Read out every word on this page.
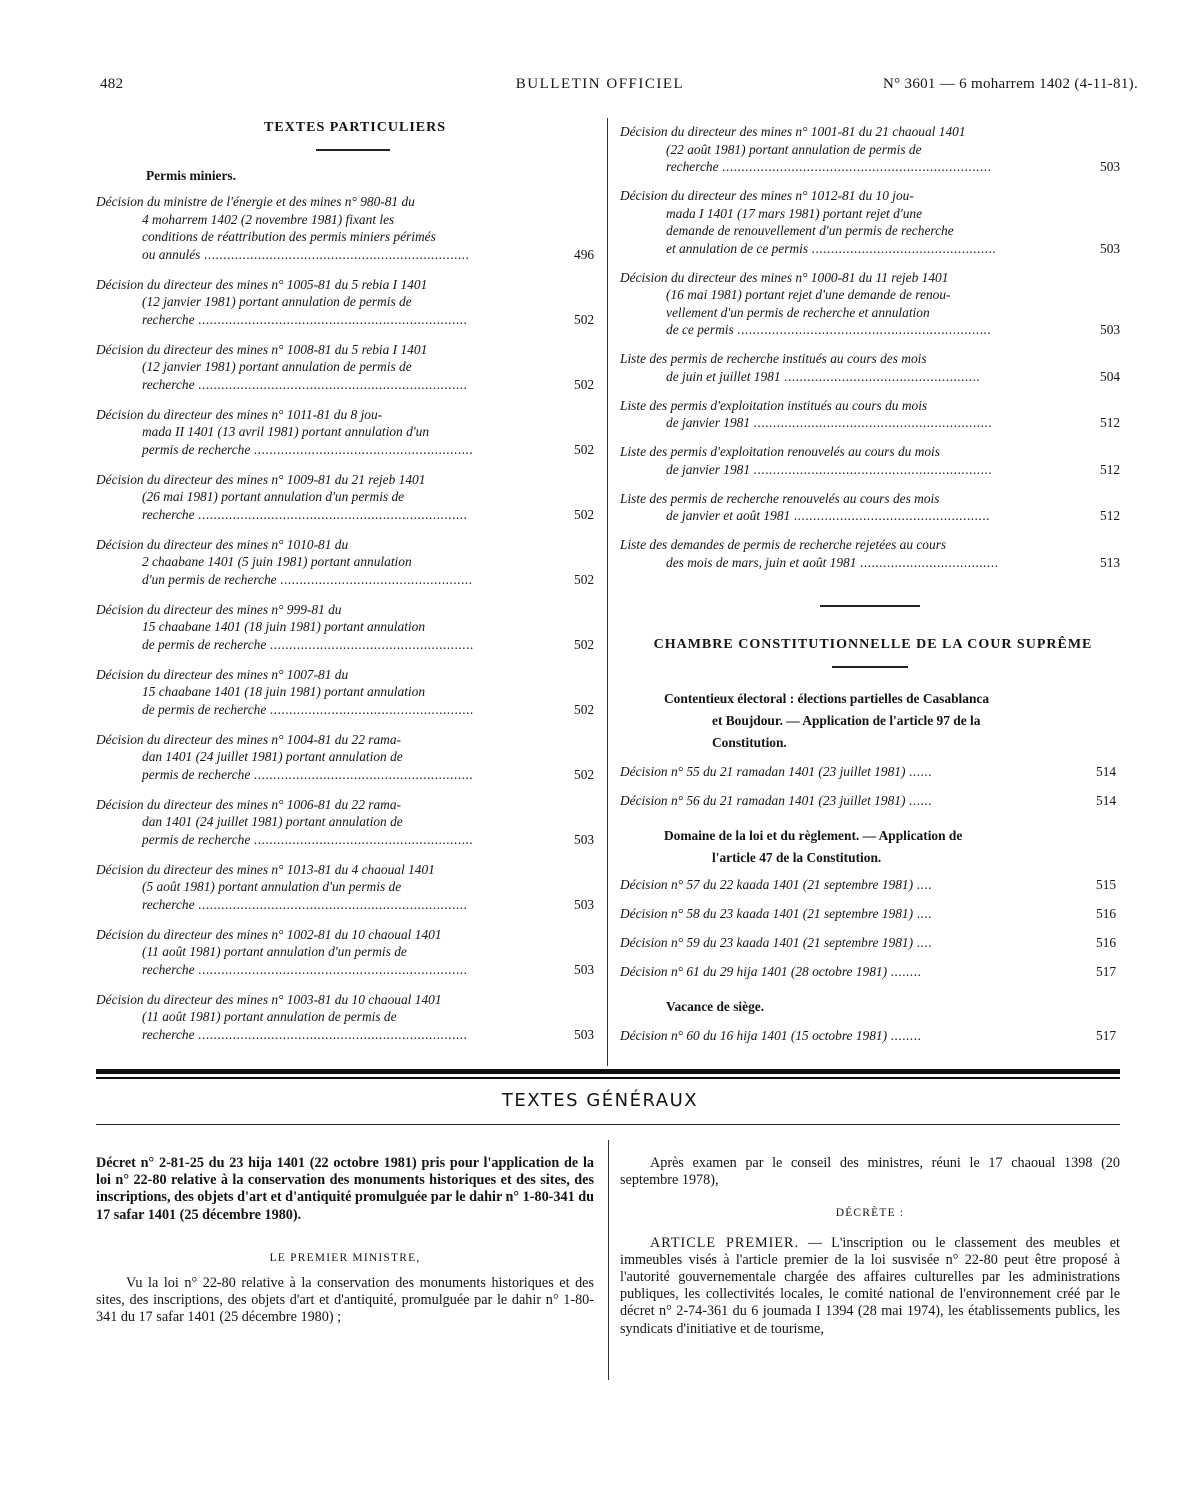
482	BULLETIN OFFICIEL	N° 3601 — 6 moharrem 1402 (4-11-81).
TEXTES PARTICULIERS
Permis miniers.
Décision du ministre de l'énergie et des mines n° 980-81 du
4 moharrem 1402 (2 novembre 1981) fixant les
conditions de réattribution des permis miniers périmés
ou annulés .....................................................................	496
Décision du directeur des mines n° 1005-81 du 5 rebia I 1401
(12 janvier 1981) portant annulation de permis de
recherche ......................................................................	502
Décision du directeur des mines n° 1008-81 du 5 rebia I 1401
(12 janvier 1981) portant annulation de permis de
recherche ......................................................................	502
Décision du directeur des mines n° 1011-81 du 8 jou-
mada II 1401 (13 avril 1981) portant annulation d'un
permis de recherche .........................................................	502
Décision du directeur des mines n° 1009-81 du 21 rejeb 1401
(26 mai 1981) portant annulation d'un permis de
recherche ......................................................................	502
Décision du directeur des mines n° 1010-81 du
2 chaabane 1401 (5 juin 1981) portant annulation
d'un permis de recherche ..................................................	502
Décision du directeur des mines n° 999-81 du
15 chaabane 1401 (18 juin 1981) portant annulation
de permis de recherche .....................................................	502
Décision du directeur des mines n° 1007-81 du
15 chaabane 1401 (18 juin 1981) portant annulation
de permis de recherche .....................................................	502
Décision du directeur des mines n° 1004-81 du 22 rama-
dan 1401 (24 juillet 1981) portant annulation de
permis de recherche .........................................................	502
Décision du directeur des mines n° 1006-81 du 22 rama-
dan 1401 (24 juillet 1981) portant annulation de
permis de recherche .........................................................	503
Décision du directeur des mines n° 1013-81 du 4 chaoual 1401
(5 août 1981) portant annulation d'un permis de
recherche ......................................................................	503
Décision du directeur des mines n° 1002-81 du 10 chaoual 1401
(11 août 1981) portant annulation d'un permis de
recherche ......................................................................	503
Décision du directeur des mines n° 1003-81 du 10 chaoual 1401
(11 août 1981) portant annulation de permis de
recherche ......................................................................	503
Décision du directeur des mines n° 1001-81 du 21 chaoual 1401
(22 août 1981) portant annulation de permis de
recherche ......................................................................	503
Décision du directeur des mines n° 1012-81 du 10 jou-
mada I 1401 (17 mars 1981) portant rejet d'une
demande de renouvellement d'un permis de recherche
et annulation de ce permis ................................................	503
Décision du directeur des mines n° 1000-81 du 11 rejeb 1401
(16 mai 1981) portant rejet d'une demande de renou-
vellement d'un permis de recherche et annulation
de ce permis ..................................................................	503
Liste des permis de recherche institués au cours des mois
de juin et juillet 1981 ...................................................	504
Liste des permis d'exploitation institués au cours du mois
de janvier 1981 ..............................................................	512
Liste des permis d'exploitation renouvelés au cours du mois
de janvier 1981 ..............................................................	512
Liste des permis de recherche renouvelés au cours des mois
de janvier et août 1981 ...................................................	512
Liste des demandes de permis de recherche rejetées au cours
des mois de mars, juin et août 1981 ....................................	513
CHAMBRE CONSTITUTIONNELLE DE LA COUR SUPRÊME
Contentieux électoral : élections partielles de Casablanca
et Boujdour. — Application de l'article 97 de la
Constitution.
Décision n° 55 du 21 ramadan 1401 (23 juillet 1981) ......	514
Décision n° 56 du 21 ramadan 1401 (23 juillet 1981) ......	514
Domaine de la loi et du règlement. — Application de
l'article 47 de la Constitution.
Décision n° 57 du 22 kaada 1401 (21 septembre 1981) ....	515
Décision n° 58 du 23 kaada 1401 (21 septembre 1981) ....	516
Décision n° 59 du 23 kaada 1401 (21 septembre 1981) ....	516
Décision n° 61 du 29 hija 1401 (28 octobre 1981) ........	517
Vacance de siège.
Décision n° 60 du 16 hija 1401 (15 octobre 1981) ........	517
TEXTES GÉNÉRAUX

Décret n° 2-81-25 du 23 hija 1401 (22 octobre 1981) pris pour l'application de la loi n° 22-80 relative à la conservation des monuments historiques et des sites, des inscriptions, des objets d'art et d'antiquité promulguée par le dahir n° 1-80-341 du 17 safar 1401 (25 décembre 1980).

LE PREMIER MINISTRE,

Vu la loi n° 22-80 relative à la conservation des monuments historiques et des sites, des inscriptions, des objets d'art et d'antiquité, promulguée par le dahir n° 1-80-341 du 17 safar 1401 (25 décembre 1980) ;

Après examen par le conseil des ministres, réuni le 17 chaoual 1398 (20 septembre 1978),

DÉCRÈTE :

ARTICLE PREMIER. — L'inscription ou le classement des meubles et immeubles visés à l'article premier de la loi susvisée n° 22-80 peut être proposé à l'autorité gouvernementale chargée des affaires culturelles par les administrations publiques, les collectivités locales, le comité national de l'environnement créé par le décret n° 2-74-361 du 6 joumada I 1394 (28 mai 1974), les établissements publics, les syndicats d'initiative et de tourisme,
